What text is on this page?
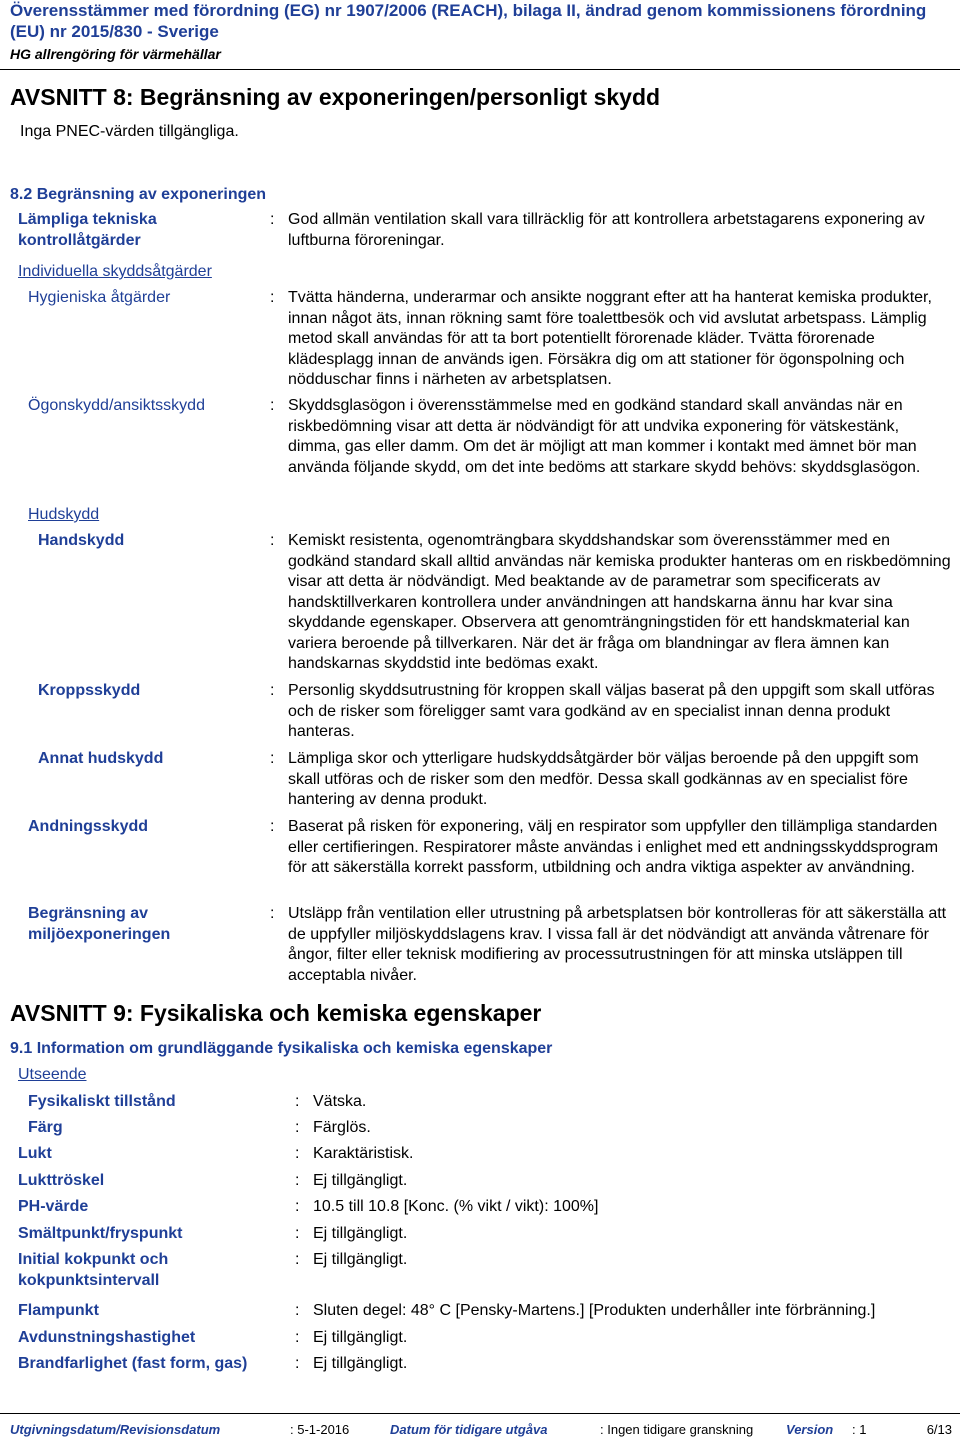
Överensstämmer med förordning (EG) nr 1907/2006 (REACH), bilaga II, ändrad genom kommissionens förordning (EU) nr 2015/830 - Sverige
HG allrengöring för värmehällar
AVSNITT 8: Begränsning av exponeringen/personligt skydd
Inga PNEC-värden tillgängliga.
8.2 Begränsning av exponeringen
Lämpliga tekniska kontrollåtgärder
: God allmän ventilation skall vara tillräcklig för att kontrollera arbetstagarens exponering av luftburna föroreningar.
Individuella skyddsåtgärder
Hygieniska åtgärder	: Tvätta händerna, underarmar och ansikte noggrant efter att ha hanterat kemiska produkter, innan något äts, innan rökning samt före toalettbesök och vid avslutat arbetspass. Lämplig metod skall användas för att ta bort potentiellt förorenade kläder. Tvätta förorenade klädesplagg innan de används igen. Försäkra dig om att stationer för ögonspolning och nödduschar finns i närheten av arbetsplatsen.
Ögonskydd/ansiktsskydd	: Skyddsglasögon i överensstämmelse med en godkänd standard skall användas när en riskbedömning visar att detta är nödvändigt för att undvika exponering för vätskestänk, dimma, gas eller damm. Om det är möjligt att man kommer i kontakt med ämnet bör man använda följande skydd, om det inte bedöms att starkare skydd behövs: skyddsglasögon.
Hudskydd
Handskydd	: Kemiskt resistenta, ogenomträngbara skyddshandskar som överensstämmer med en godkänd standard skall alltid användas när kemiska produkter hanteras om en riskbedömning visar att detta är nödvändigt. Med beaktande av de parametrar som specificerats av handsktillverkaren kontrollera under användningen att handskarna ännu har kvar sina skyddande egenskaper. Observera att genomträngningstiden för ett handskmaterial kan variera beroende på tillverkaren. När det är fråga om blandningar av flera ämnen kan handskarnas skyddstid inte bedömas exakt.
Kroppsskydd	: Personlig skyddsutrustning för kroppen skall väljas baserat på den uppgift som skall utföras och de risker som föreligger samt vara godkänd av en specialist innan denna produkt hanteras.
Annat hudskydd	: Lämpliga skor och ytterligare hudskyddsåtgärder bör väljas beroende på den uppgift som skall utföras och de risker som den medför. Dessa skall godkännas av en specialist före hantering av denna produkt.
Andningsskydd	: Baserat på risken för exponering, välj en respirator som uppfyller den tillämpliga standarden eller certifieringen. Respiratorer måste användas i enlighet med ett andningsskyddsprogram för att säkerställa korrekt passform, utbildning och andra viktiga aspekter av användning.
Begränsning av miljöexponeringen
: Utsläpp från ventilation eller utrustning på arbetsplatsen bör kontrolleras för att säkerställa att de uppfyller miljöskyddslagens krav. I vissa fall är det nödvändigt att använda våtrenare för ångor, filter eller teknisk modifiering av processutrustningen för att minska utsläppen till acceptabla nivåer.
AVSNITT 9: Fysikaliska och kemiska egenskaper
9.1 Information om grundläggande fysikaliska och kemiska egenskaper
Utseende
Fysikaliskt tillstånd	: Vätska.
Färg	: Färglös.
Lukt	: Karaktäristisk.
Lukttröskel	: Ej tillgängligt.
PH-värde	: 10.5 till 10.8 [Konc. (% vikt / vikt): 100%]
Smältpunkt/fryspunkt	: Ej tillgängligt.
Initial kokpunkt och kokpunktsintervall
: Ej tillgängligt.
Flampunkt	: Sluten degel: 48° C [Pensky-Martens.] [Produkten underhåller inte förbränning.]
Avdunstningshastighet	: Ej tillgängligt.
Brandfarlighet (fast form, gas)	: Ej tillgängligt.
Utgivningsdatum/Revisionsdatum	: 5-1-2016	Datum för tidigare utgåva	: Ingen tidigare granskning	Version	: 1	6/13
